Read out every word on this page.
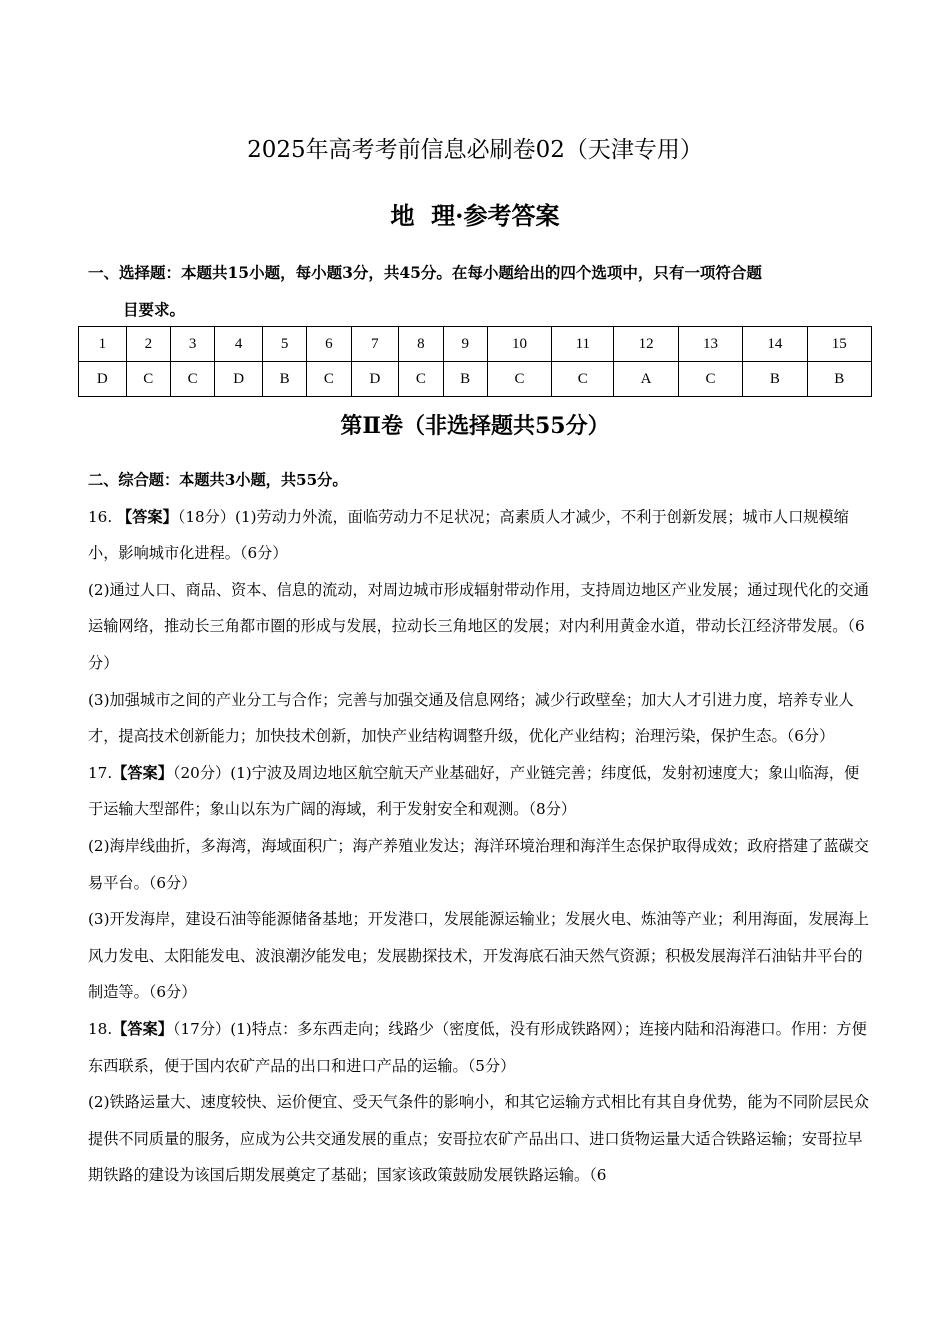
2025年高考考前信息必刷卷02（天津专用）
地  理·参考答案
一、选择题：本题共15小题，每小题3分，共45分。在每小题给出的四个选项中，只有一项符合题
目要求。
1	2	3	4	5	6	7	8	9	10	11	12	13	14	15
D	C	C	D	B	C	D	C	B	C	C	A	C	B	B
第Ⅱ卷（非选择题共55分）

二、综合题：本题共3小题，共55分。

16. 【答案】（18分）(1)劳动力外流，面临劳动力不足状况；高素质人才减少，不利于创新发展；城市人口规模缩小，影响城市化进程。（6分）

(2)通过人口、商品、资本、信息的流动，对周边城市形成辐射带动作用，支持周边地区产业发展；通过现代化的交通运输网络，推动长三角都市圈的形成与发展，拉动长三角地区的发展；对内利用黄金水道，带动长江经济带发展。（6分）

(3)加强城市之间的产业分工与合作；完善与加强交通及信息网络；减少行政壁垒；加大人才引进力度，培养专业人才，提高技术创新能力；加快技术创新，加快产业结构调整升级，优化产业结构；治理污染，保护生态。（6分）

17.【答案】（20分）(1)宁波及周边地区航空航天产业基础好，产业链完善；纬度低，发射初速度大；象山临海，便于运输大型部件；象山以东为广阔的海域，利于发射安全和观测。（8分）

(2)海岸线曲折，多海湾，海域面积广；海产养殖业发达；海洋环境治理和海洋生态保护取得成效；政府搭建了蓝碳交易平台。（6分）

(3)开发海岸，建设石油等能源储备基地；开发港口，发展能源运输业；发展火电、炼油等产业；利用海面，发展海上风力发电、太阳能发电、波浪潮汐能发电；发展勘探技术，开发海底石油天然气资源；积极发展海洋石油钻井平台的制造等。（6分）

18.【答案】（17分）(1)特点：多东西走向；线路少（密度低，没有形成铁路网）；连接内陆和沿海港口。作用：方便东西联系，便于国内农矿产品的出口和进口产品的运输。（5分）

(2)铁路运量大、速度较快、运价便宜、受天气条件的影响小，和其它运输方式相比有其自身优势，能为不同阶层民众提供不同质量的服务，应成为公共交通发展的重点；安哥拉农矿产品出口、进口货物运量大适合铁路运输；安哥拉早期铁路的建设为该国后期发展奠定了基础；国家该政策鼓励发展铁路运输。（6
